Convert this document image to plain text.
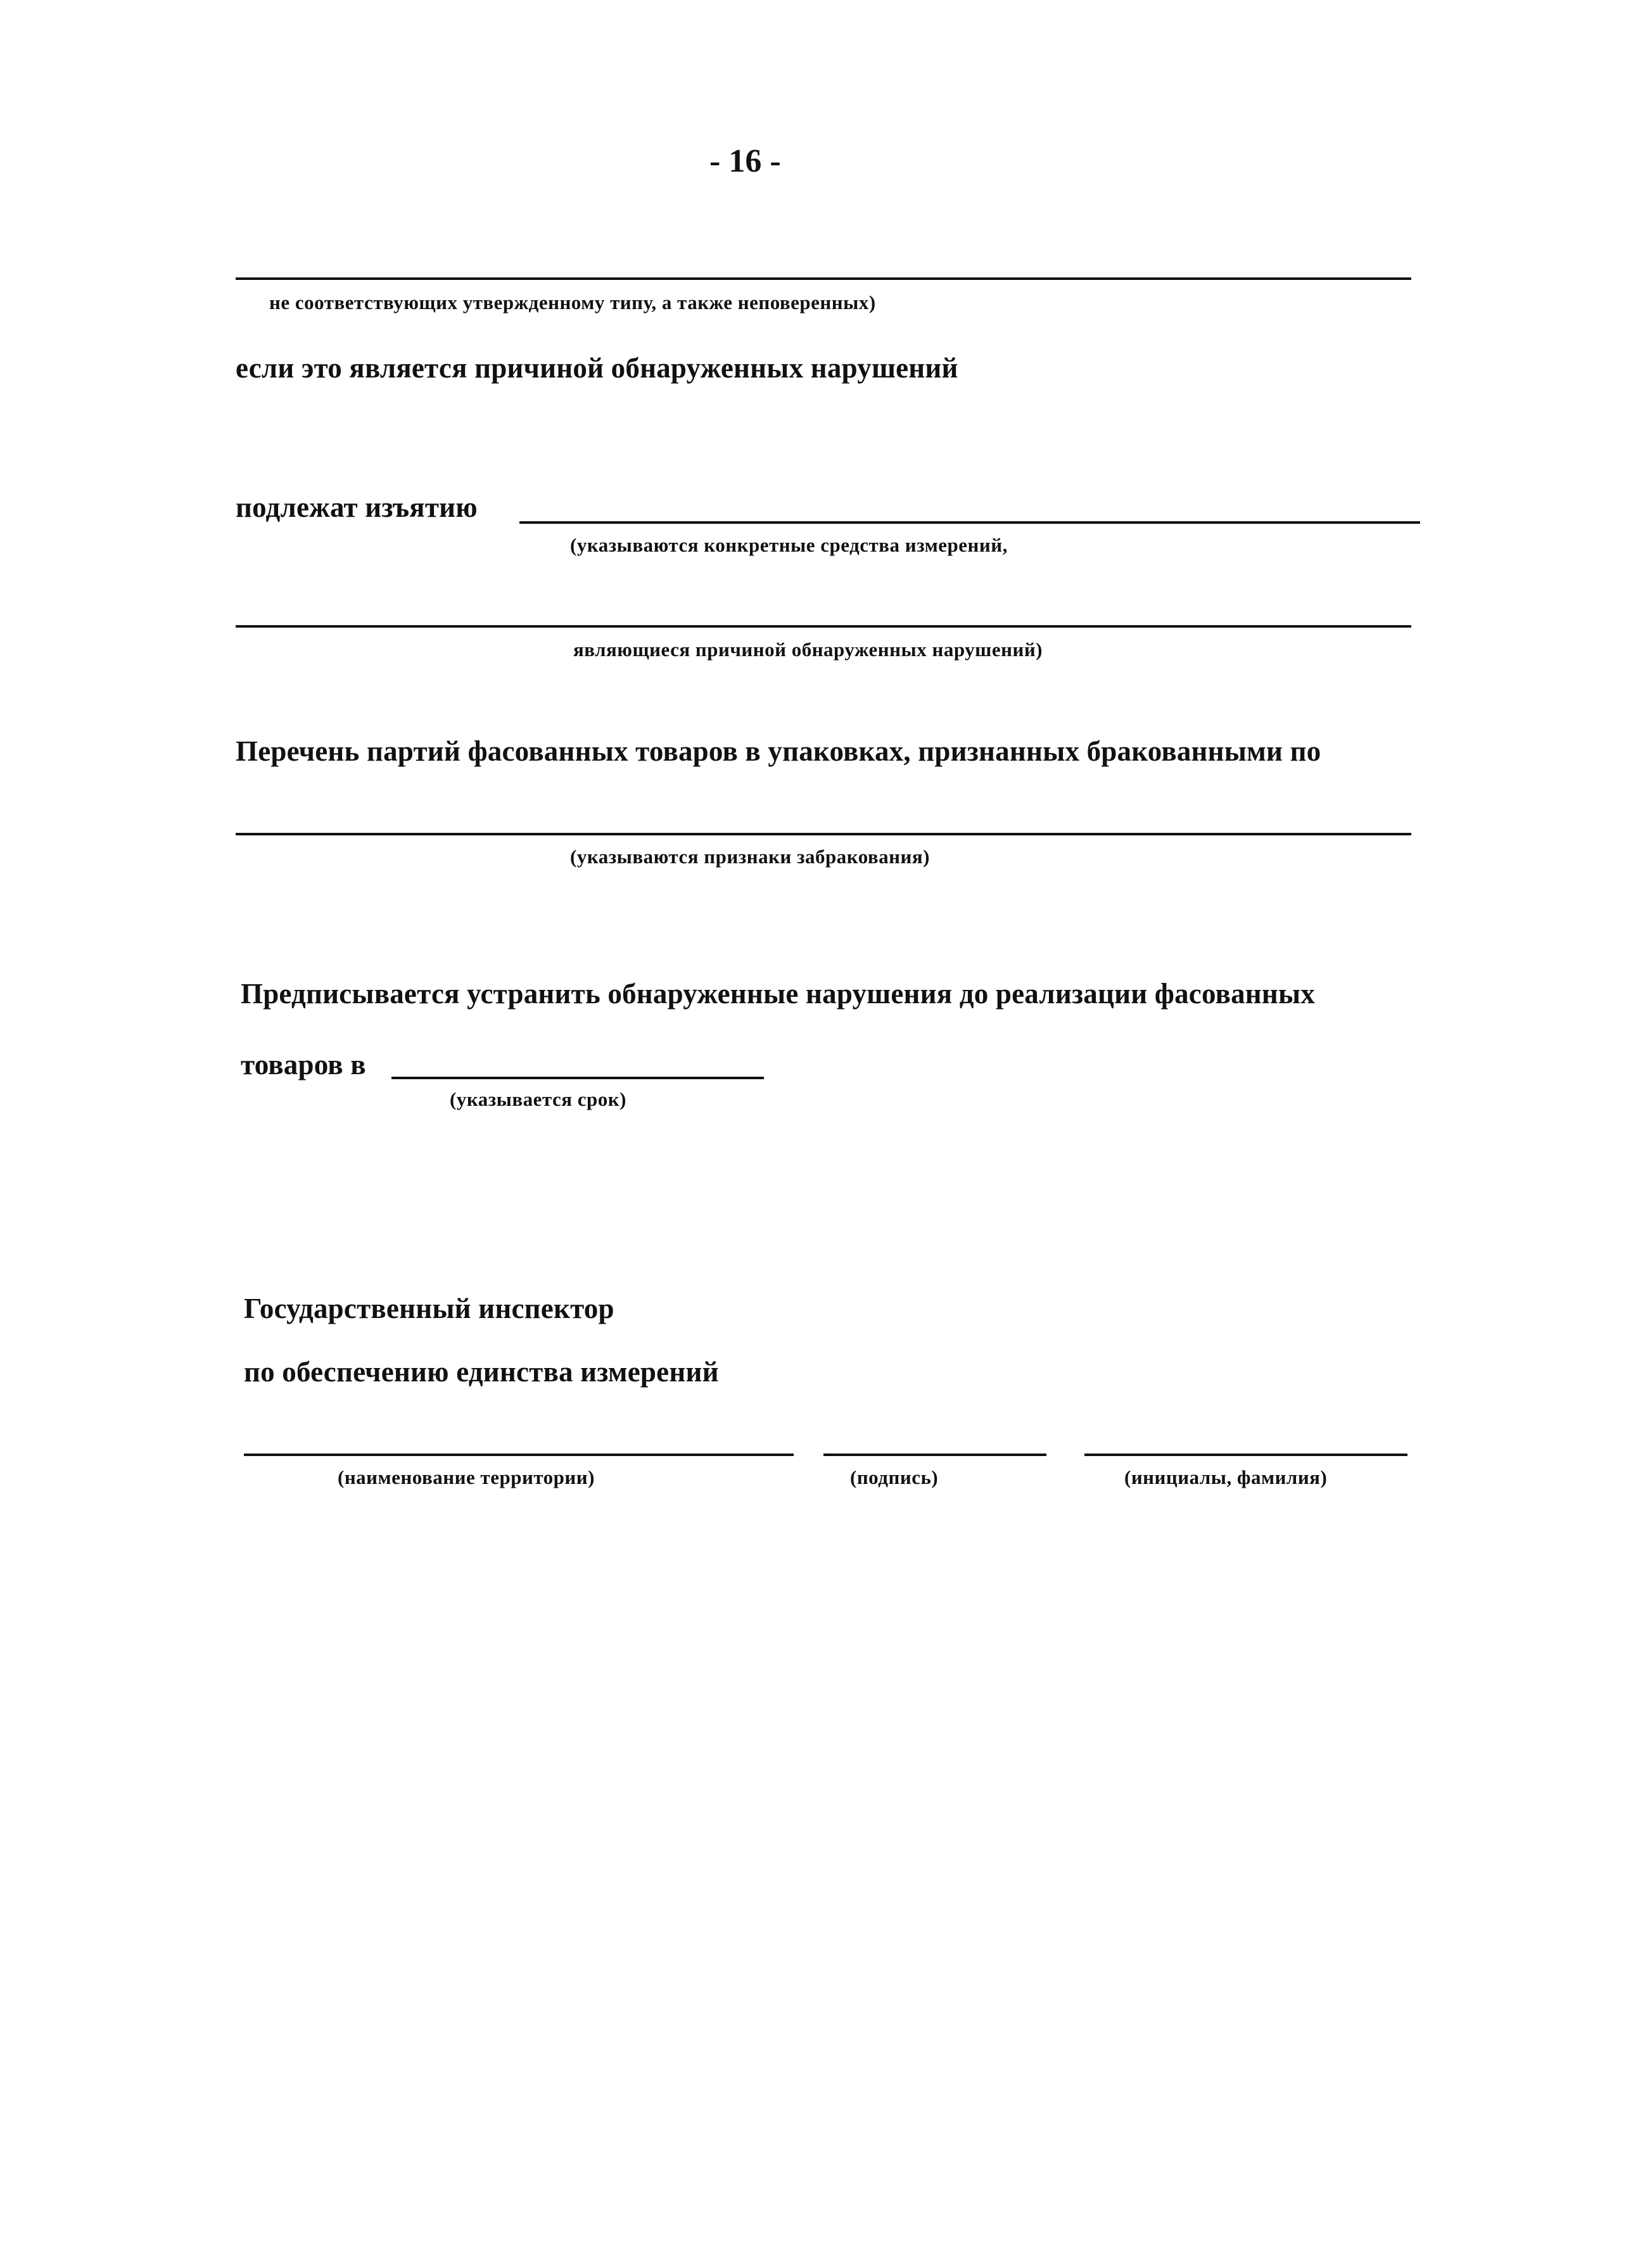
- 16 -
не соответствующих утвержденному типу, а также неповеренных)
если это является причиной обнаруженных нарушений
подлежат изъятию
(указываются конкретные средства измерений,
являющиеся причиной обнаруженных нарушений)
Перечень партий фасованных товаров в упаковках, признанных бракованными по
(указываются признаки забракования)
Предписывается устранить обнаруженные нарушения до реализации фасованных
товаров в
(указывается срок)
Государственный инспектор
по обеспечению единства измерений
(наименование территории)	(подпись)	(инициалы, фамилия)
